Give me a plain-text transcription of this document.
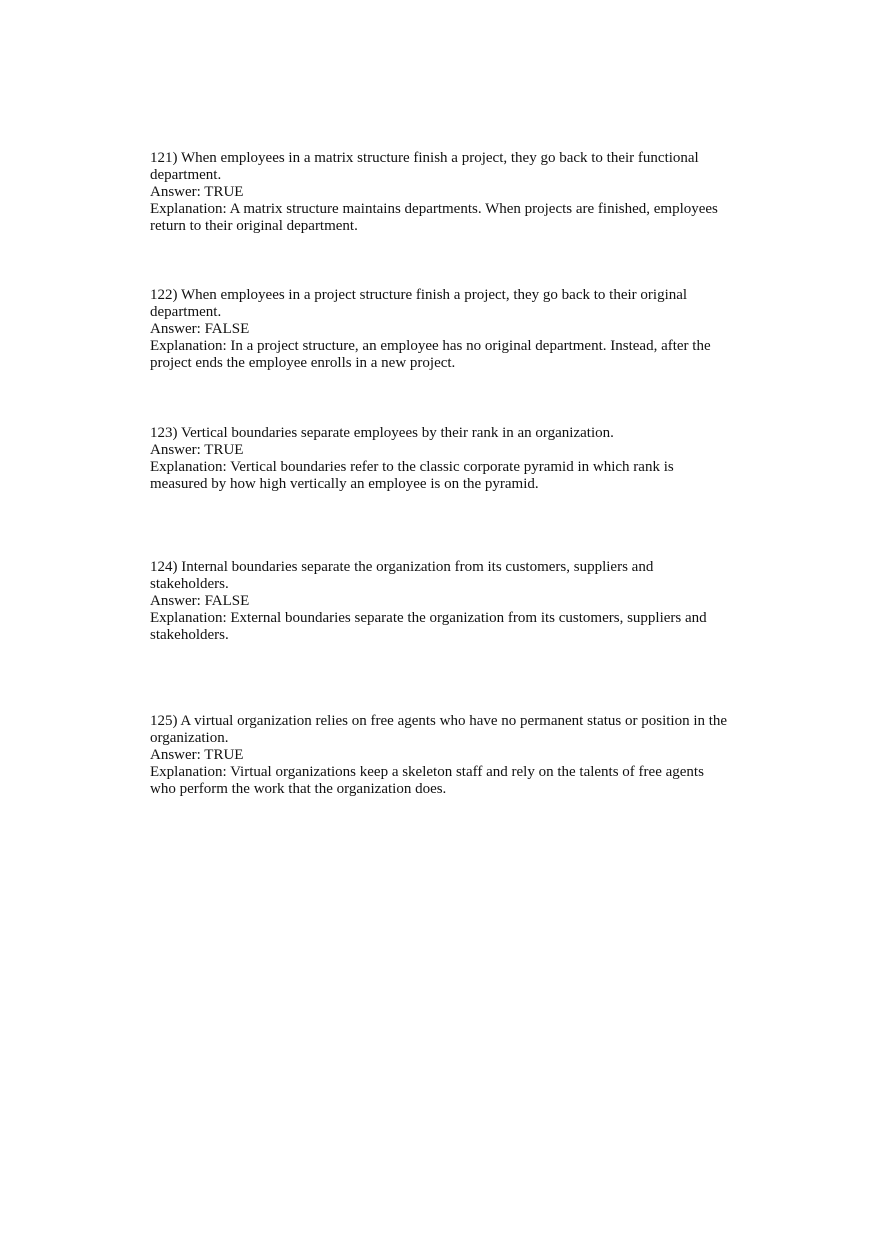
121) When employees in a matrix structure finish a project, they go back to their functional
department.
Answer: TRUE
Explanation: A matrix structure maintains departments. When projects are finished, employees
return to their original department.
122) When employees in a project structure finish a project, they go back to their original
department.
Answer: FALSE
Explanation: In a project structure, an employee has no original department. Instead, after the
project ends the employee enrolls in a new project.
123) Vertical boundaries separate employees by their rank in an organization.
Answer: TRUE
Explanation: Vertical boundaries refer to the classic corporate pyramid in which rank is
measured by how high vertically an employee is on the pyramid.
124) Internal boundaries separate the organization from its customers, suppliers and
stakeholders.
Answer: FALSE
Explanation: External boundaries separate the organization from its customers, suppliers and
stakeholders.
125) A virtual organization relies on free agents who have no permanent status or position in the
organization.
Answer: TRUE
Explanation: Virtual organizations keep a skeleton staff and rely on the talents of free agents
who perform the work that the organization does.
